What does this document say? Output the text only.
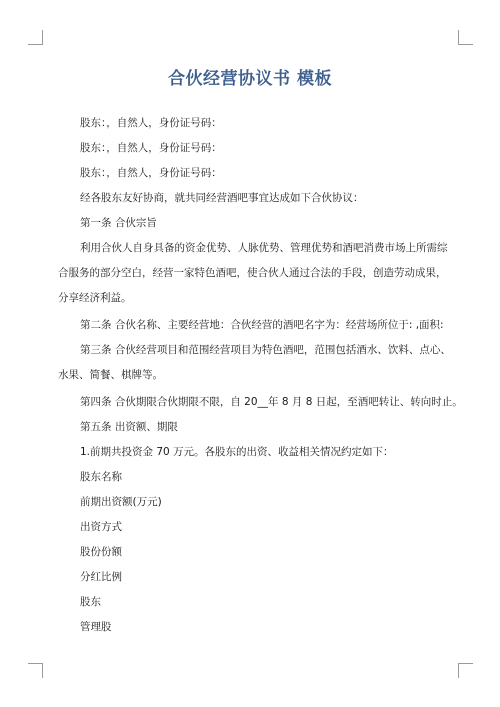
合伙经营协议书 模板
股东：，自然人，身份证号码：
股东：，自然人，身份证号码：
股东：，自然人，身份证号码：
经各股东友好协商，就共同经营酒吧事宜达成如下合伙协议：
第一条 合伙宗旨
利用合伙人自身具备的资金优势、人脉优势、管理优势和酒吧消费市场上所需综
合服务的部分空白，经营一家特色酒吧，使合伙人通过合法的手段，创造劳动成果，
分享经济利益。
第二条 合伙名称、主要经营地：合伙经营的酒吧名字为：经营场所位于: ,面积:
第三条 合伙经营项目和范围经营项目为特色酒吧，范围包括酒水、饮料、点心、
水果、简餐、棋牌等。
第四条 合伙期限合伙期限不限，自 20__年 8 月 8 日起，至酒吧转让、转向时止。
第五条 出资额、期限
1.前期共投资金 70 万元。各股东的出资、收益相关情况约定如下：
股东名称
前期出资额(万元)
出资方式
股份份额
分红比例
股东
管理股
